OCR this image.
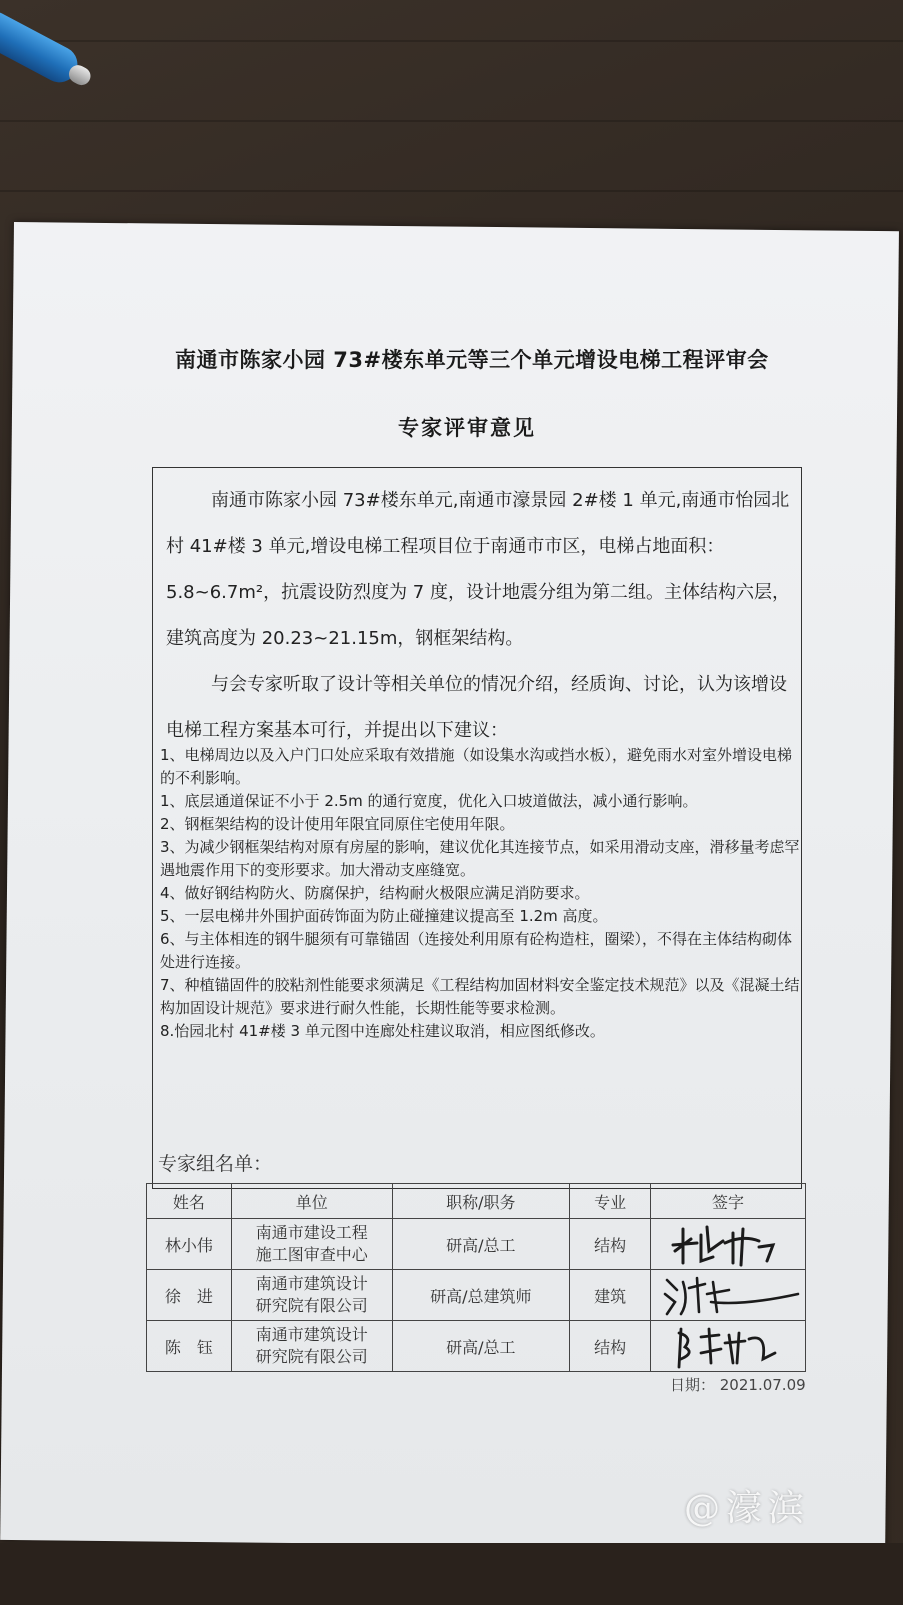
南通市陈家小园 73#楼东单元等三个单元增设电梯工程评审会
专家评审意见
南通市陈家小园 73#楼东单元,南通市濠景园 2#楼 1 单元,南通市怡园北村 41#楼 3 单元,增设电梯工程项目位于南通市市区，电梯占地面积：5.8~6.7m²，抗震设防烈度为 7 度，设计地震分组为第二组。主体结构六层，建筑高度为 20.23~21.15m，钢框架结构。
与会专家听取了设计等相关单位的情况介绍，经质询、讨论，认为该增设电梯工程方案基本可行，并提出以下建议：
1、电梯周边以及入户门口处应采取有效措施（如设集水沟或挡水板），避免雨水对室外增设电梯的不利影响。
1、底层通道保证不小于 2.5m 的通行宽度，优化入口坡道做法，减小通行影响。
2、钢框架结构的设计使用年限宜同原住宅使用年限。
3、为减少钢框架结构对原有房屋的影响，建议优化其连接节点，如采用滑动支座，滑移量考虑罕遇地震作用下的变形要求。加大滑动支座缝宽。
4、做好钢结构防火、防腐保护，结构耐火极限应满足消防要求。
5、一层电梯井外围护面砖饰面为防止碰撞建议提高至 1.2m 高度。
6、与主体相连的钢牛腿须有可靠锚固（连接处利用原有砼构造柱，圈梁），不得在主体结构砌体处进行连接。
7、种植锚固件的胶粘剂性能要求须满足《工程结构加固材料安全鉴定技术规范》以及《混凝土结构加固设计规范》要求进行耐久性能，长期性能等要求检测。
8.怡园北村 41#楼 3 单元图中连廊处柱建议取消，相应图纸修改。
专家组名单：
姓名	单位	职称/职务	专业	签字
林小伟	南通市建设工程
施工图审查中心	研高/总工	结构	

徐　进	南通市建筑设计
研究院有限公司	研高/总建筑师	建筑	

陈　钰	南通市建筑设计
研究院有限公司	研高/总工	结构	
日期： 2021.07.09
@濠滨
